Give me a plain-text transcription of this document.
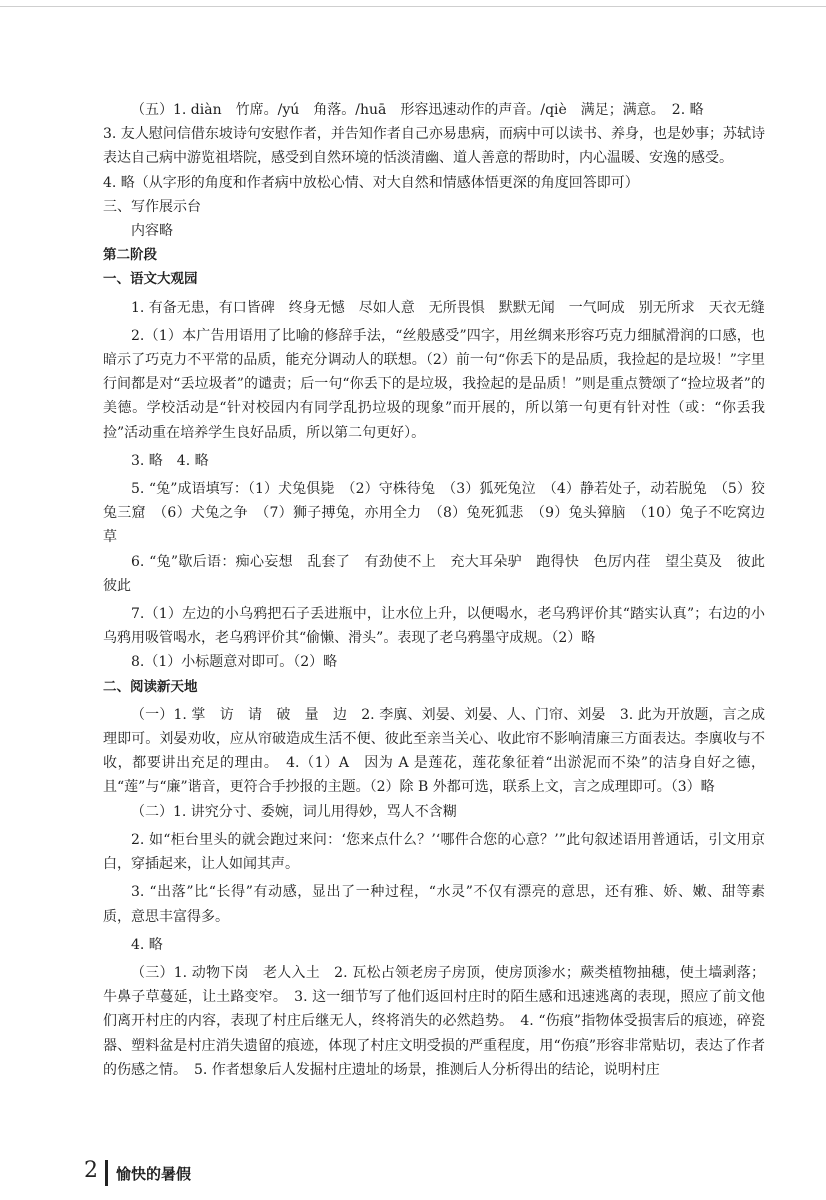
（五）1. diàn　竹席。/yú　角落。/huā　形容迅速动作的声音。/qiè　满足；满意。　2. 略

3. 友人慰问信借东坡诗句安慰作者，并告知作者自己亦易患病，而病中可以读书、养身，也是妙事；苏轼诗表达自己病中游览祖塔院，感受到自然环境的恬淡清幽、道人善意的帮助时，内心温暖、安逸的感受。

4. 略（从字形的角度和作者病中放松心情、对大自然和情感体悟更深的角度回答即可）

三、写作展示台

内容略

第二阶段

一、语文大观园

1. 有备无患，有口皆碑　终身无憾　尽如人意　无所畏惧　默默无闻　一气呵成　别无所求　天衣无缝

2.（1）本广告用语用了比喻的修辞手法，“丝般感受”四字，用丝绸来形容巧克力细腻滑润的口感，也暗示了巧克力不平常的品质，能充分调动人的联想。（2）前一句“你丢下的是品质，我捡起的是垃圾！”字里行间都是对“丢垃圾者”的谴责；后一句“你丢下的是垃圾，我捡起的是品质！”则是重点赞颂了“捡垃圾者”的美德。学校活动是“针对校园内有同学乱扔垃圾的现象”而开展的，所以第一句更有针对性（或：“你丢我捡”活动重在培养学生良好品质，所以第二句更好）。

3. 略　4. 略

5. “兔”成语填写：（1）犬兔俱毙　（2）守株待兔　（3）狐死兔泣　（4）静若处子，动若脱兔　（5）狡兔三窟　（6）犬兔之争　（7）狮子搏兔，亦用全力　（8）兔死狐悲　（9）兔头獐脑　（10）兔子不吃窝边草

6. “兔”歇后语：痴心妄想　乱套了　有劲使不上　充大耳朵驴　跑得快　色厉内荏　望尘莫及　彼此彼此

7.（1）左边的小乌鸦把石子丢进瓶中，让水位上升，以便喝水，老乌鸦评价其“踏实认真”；右边的小乌鸦用吸管喝水，老乌鸦评价其“偷懒、滑头”。表现了老乌鸦墨守成规。（2）略

8.（1）小标题意对即可。（2）略

二、阅读新天地

（一）1. 掌　访　请　破　量　边　2. 李廙、刘晏、刘晏、人、门帘、刘晏　3. 此为开放题，言之成理即可。刘晏劝收，应从帘破造成生活不便、彼此至亲当关心、收此帘不影响清廉三方面表达。李廙收与不收，都要讲出充足的理由。　4.（1）A　因为 A 是莲花，莲花象征着“出淤泥而不染”的洁身自好之德，且“莲”与“廉”谐音，更符合手抄报的主题。（2）除 B 外都可选，联系上文，言之成理即可。（3）略

（二）1. 讲究分寸、委婉，词儿用得妙，骂人不含糊

2. 如“柜台里头的就会跑过来问：‘您来点什么？’‘哪件合您的心意？’”此句叙述语用普通话，引文用京白，穿插起来，让人如闻其声。

3. “出落”比“长得”有动感，显出了一种过程，“水灵”不仅有漂亮的意思，还有雅、娇、嫩、甜等素质，意思丰富得多。

4. 略

（三）1. 动物下岗　老人入土　2. 瓦松占领老房子房顶，使房顶渗水；蕨类植物抽穗，使土墙剥落；牛鼻子草蔓延，让土路变窄。　3. 这一细节写了他们返回村庄时的陌生感和迅速逃离的表现，照应了前文他们离开村庄的内容，表现了村庄后继无人，终将消失的必然趋势。　4. “伤痕”指物体受损害后的痕迹，碎瓷器、塑料盆是村庄消失遗留的痕迹，体现了村庄文明受损的严重程度，用“伤痕”形容非常贴切，表达了作者的伤感之情。　5. 作者想象后人发掘村庄遗址的场景，推测后人分析得出的结论，说明村庄

2 愉快的暑假
